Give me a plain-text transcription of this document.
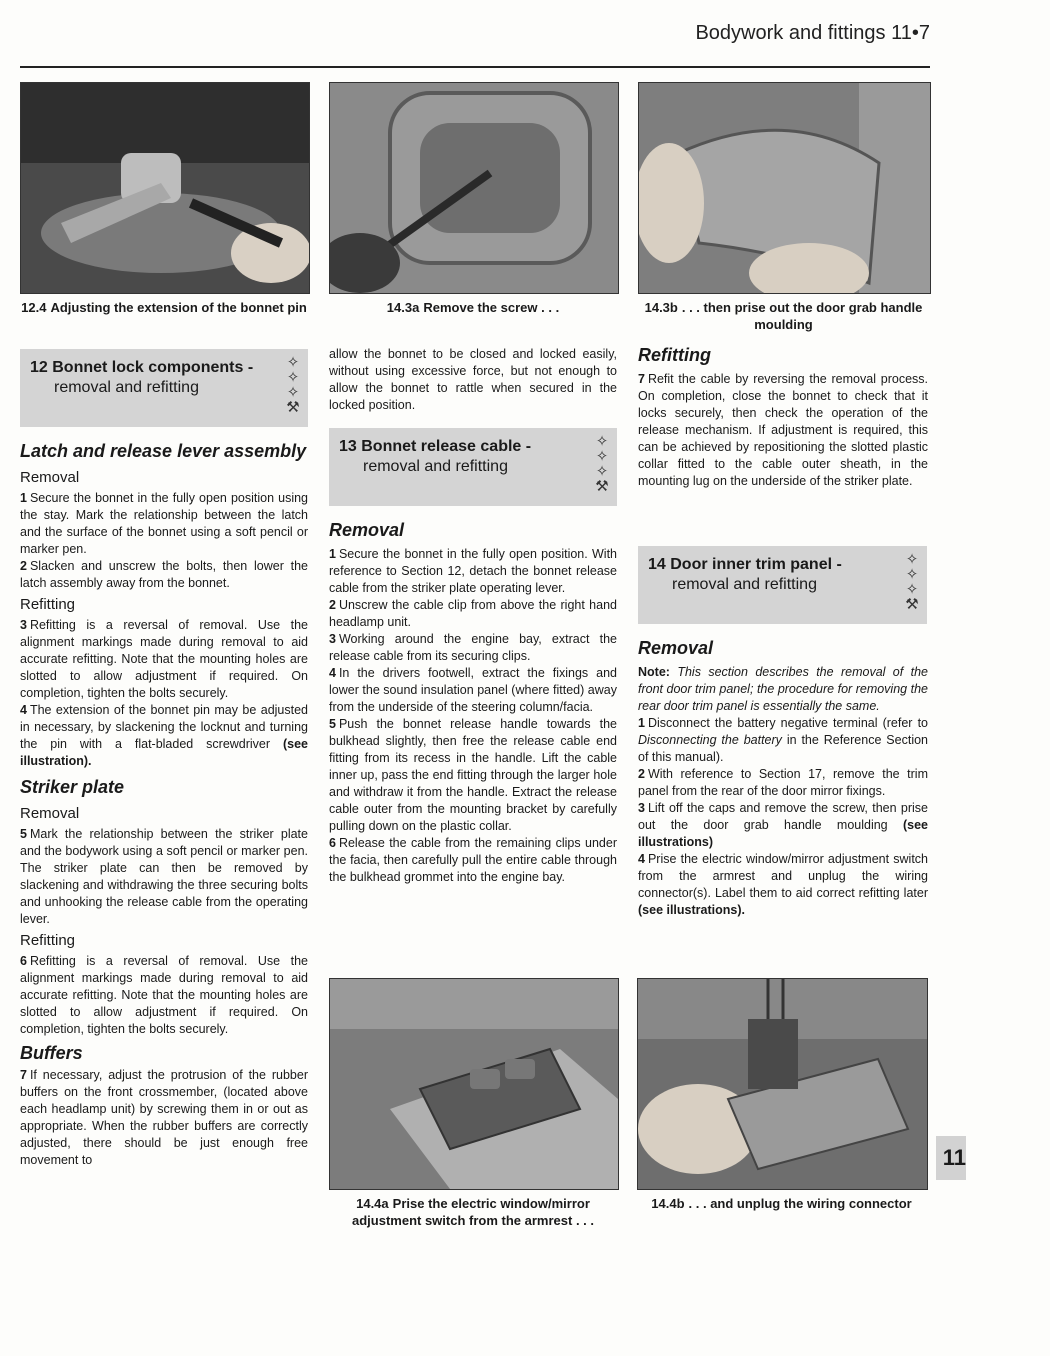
Bodywork and fittings 11•7
12.4 Adjusting the extension of the bonnet pin	14.3a Remove the screw . . .	14.3b . . . then prise out the door grab handle moulding
12 Bonnet lock components -
removal and refitting
✧
✧
✧
⚒
13 Bonnet release cable -
removal and refitting
✧
✧
✧
⚒
14 Door inner trim panel -
removal and refitting
✧
✧
✧
⚒
Latch and release lever assembly
Removal

1 Secure the bonnet in the fully open position using the stay. Mark the relationship between the latch and the surface of the bonnet using a soft pencil or marker pen.

2 Slacken and unscrew the bolts, then lower the latch assembly away from the bonnet.

Refitting

3 Refitting is a reversal of removal. Use the alignment markings made during removal to aid accurate refitting. Note that the mounting holes are slotted to allow adjustment if required. On completion, tighten the bolts securely.

4 The extension of the bonnet pin may be adjusted in necessary, by slackening the locknut and turning the pin with a flat-bladed screwdriver (see illustration).

Striker plate
Removal

5 Mark the relationship between the striker plate and the bodywork using a soft pencil or marker pen. The striker plate can then be removed by slackening and withdrawing the three securing bolts and unhooking the release cable from the operating lever.

Refitting

6 Refitting is a reversal of removal. Use the alignment markings made during removal to aid accurate refitting. Note that the mounting holes are slotted to allow adjustment if required. On completion, tighten the bolts securely.

Buffers

7 If necessary, adjust the protrusion of the rubber buffers on the front crossmember, (located above each headlamp unit) by screwing them in or out as appropriate. When the rubber buffers are correctly adjusted, there should be just enough free movement to

allow the bonnet to be closed and locked easily, without using excessive force, but not enough to allow the bonnet to rattle when secured in the locked position.

Removal

1 Secure the bonnet in the fully open position. With reference to Section 12, detach the bonnet release cable from the striker plate operating lever.

2 Unscrew the cable clip from above the right hand headlamp unit.

3 Working around the engine bay, extract the release cable from its securing clips.

4 In the drivers footwell, extract the fixings and lower the sound insulation panel (where fitted) away from the underside of the steering column/facia.

5 Push the bonnet release handle towards the bulkhead slightly, then free the release cable end fitting from its recess in the handle. Lift the cable inner up, pass the end fitting through the larger hole and withdraw it from the handle. Extract the release cable outer from the mounting bracket by carefully pulling down on the plastic collar.

6 Release the cable from the remaining clips under the facia, then carefully pull the entire cable through the bulkhead grommet into the engine bay.

Refitting

7 Refit the cable by reversing the removal process. On completion, close the bonnet to check that it locks securely, then check the operation of the release mechanism. If adjustment is required, this can be achieved by repositioning the slotted plastic collar fitted to the cable outer sheath, in the mounting lug on the underside of the striker plate.

Removal

Note: This section describes the removal of the front door trim panel; the procedure for removing the rear door trim panel is essentially the same.

1 Disconnect the battery negative terminal (refer to Disconnecting the battery in the Reference Section of this manual).

2 With reference to Section 17, remove the trim panel from the rear of the door mirror fixings.

3 Lift off the caps and remove the screw, then prise out the door grab handle moulding (see illustrations)

4 Prise the electric window/mirror adjustment switch from the armrest and unplug the wiring connector(s). Label them to aid correct refitting later (see illustrations).

14.4a Prise the electric window/mirror adjustment switch from the armrest . . .
14.4b . . . and unplug the wiring connector
11
